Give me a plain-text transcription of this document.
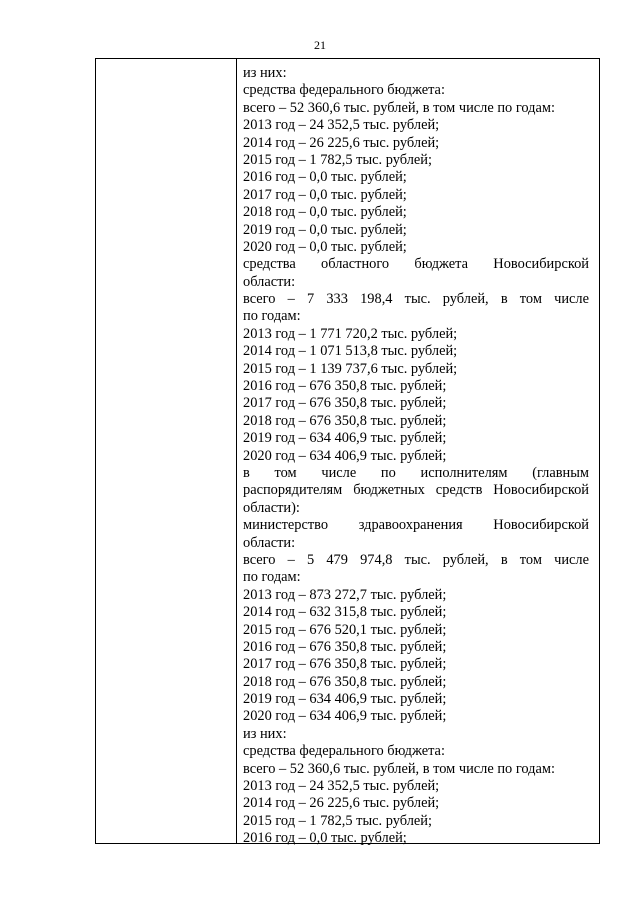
21
из них:
средства федерального бюджета:
всего – 52 360,6 тыс. рублей, в том числе по годам:
2013 год – 24 352,5 тыс. рублей;
2014 год – 26 225,6 тыс. рублей;
2015 год – 1 782,5 тыс. рублей;
2016 год – 0,0 тыс. рублей;
2017 год – 0,0 тыс. рублей;
2018 год – 0,0 тыс. рублей;
2019 год – 0,0 тыс. рублей;
2020 год – 0,0 тыс. рублей;
средства областного бюджета Новосибирской
области:
всего – 7 333 198,4 тыс. рублей, в том числе
по годам:
2013 год – 1 771 720,2 тыс. рублей;
2014 год – 1 071 513,8 тыс. рублей;
2015 год – 1 139 737,6 тыс. рублей;
2016 год – 676 350,8 тыс. рублей;
2017 год – 676 350,8 тыс. рублей;
2018 год – 676 350,8 тыс. рублей;
2019 год – 634 406,9 тыс. рублей;
2020 год – 634 406,9 тыс. рублей;
в том числе по исполнителям (главным
распорядителям бюджетных средств Новосибирской
области):
министерство здравоохранения Новосибирской
области:
всего – 5 479 974,8 тыс. рублей, в том числе
по годам:
2013 год – 873 272,7 тыс. рублей;
2014 год – 632 315,8 тыс. рублей;
2015 год – 676 520,1 тыс. рублей;
2016 год – 676 350,8 тыс. рублей;
2017 год – 676 350,8 тыс. рублей;
2018 год – 676 350,8 тыс. рублей;
2019 год – 634 406,9 тыс. рублей;
2020 год – 634 406,9 тыс. рублей;
из них:
средства федерального бюджета:
всего – 52 360,6 тыс. рублей, в том числе по годам:
2013 год – 24 352,5 тыс. рублей;
2014 год – 26 225,6 тыс. рублей;
2015 год – 1 782,5 тыс. рублей;
2016 год – 0,0 тыс. рублей;
